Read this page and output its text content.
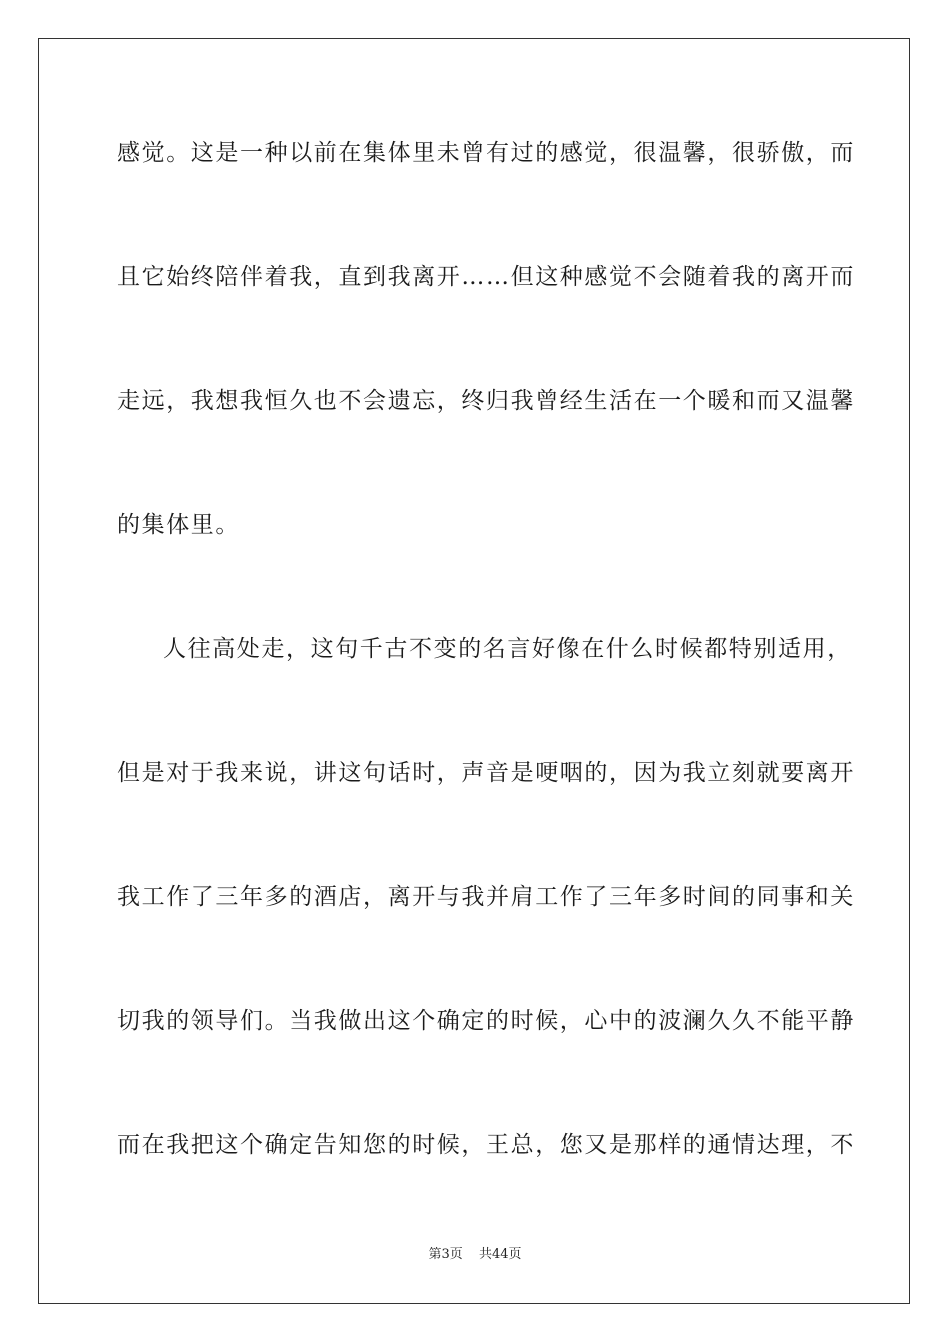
感觉。这是一种以前在集体里未曾有过的感觉，很温馨，很骄傲，而
且它始终陪伴着我，直到我离开……但这种感觉不会随着我的离开而
走远，我想我恒久也不会遗忘，终归我曾经生活在一个暖和而又温馨
的集体里。
人往高处走，这句千古不变的名言好像在什么时候都特别适用，
但是对于我来说，讲这句话时，声音是哽咽的，因为我立刻就要离开
我工作了三年多的酒店，离开与我并肩工作了三年多时间的同事和关
切我的领导们。当我做出这个确定的时候，心中的波澜久久不能平静
而在我把这个确定告知您的时候，王总，您又是那样的通情达理，不
第3页 共44页
